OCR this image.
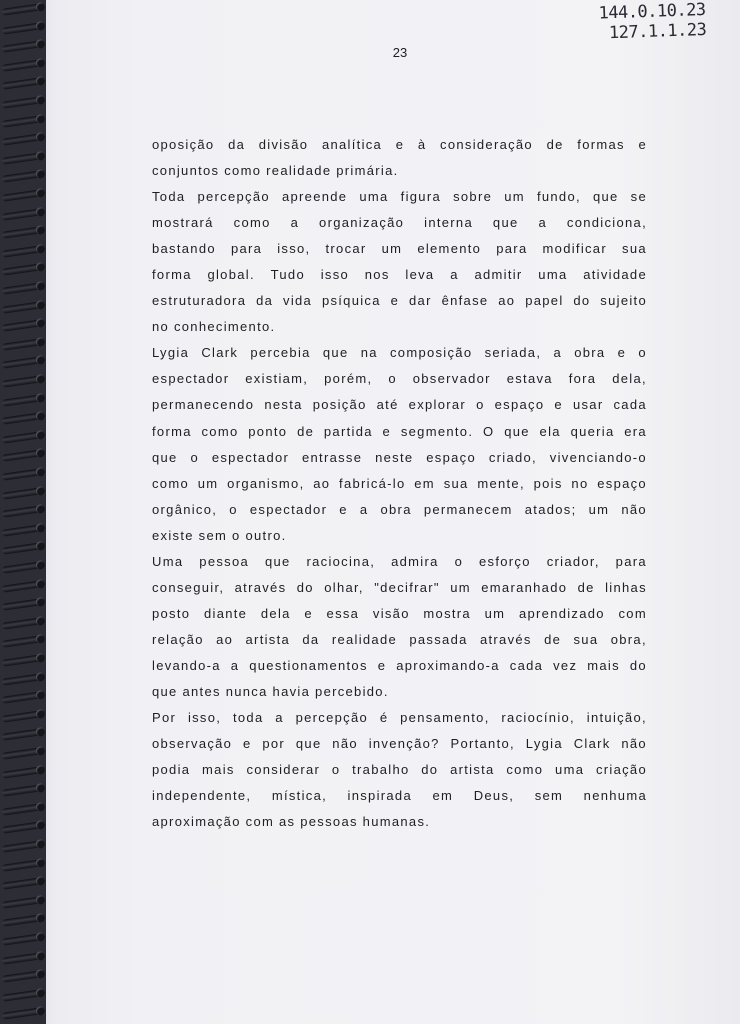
144.0.10.23
127.1.1.23
23
oposição da divisão analítica e à consideração de formas e
conjuntos como realidade primária.
Toda percepção apreende uma figura sobre um fundo, que se
mostrará como a organização interna que a condiciona,
bastando para isso, trocar um elemento para modificar sua
forma global. Tudo isso nos leva a admitir uma atividade
estruturadora da vida psíquica e dar ênfase ao papel do sujeito
no conhecimento.
Lygia Clark percebia que na composição seriada, a obra e o
espectador existiam, porém, o observador estava fora dela,
permanecendo nesta posição até explorar o espaço e usar cada
forma como ponto de partida e segmento. O que ela queria era
que o espectador entrasse neste espaço criado, vivenciando-o
como um organismo, ao fabricá-lo em sua mente, pois no espaço
orgânico, o espectador e a obra permanecem atados; um não
existe sem o outro.
Uma pessoa que raciocina, admira o esforço criador, para
conseguir, através do olhar, "decifrar" um emaranhado de linhas
posto diante dela e essa visão mostra um aprendizado com
relação ao artista da realidade passada através de sua obra,
levando-a a questionamentos e aproximando-a cada vez mais do
que antes nunca havia percebido.
Por isso, toda a percepção é pensamento, raciocínio, intuição,
observação e por que não invenção? Portanto, Lygia Clark não
podia mais considerar o trabalho do artista como uma criação
independente, mística, inspirada em Deus, sem nenhuma
aproximação com as pessoas humanas.
